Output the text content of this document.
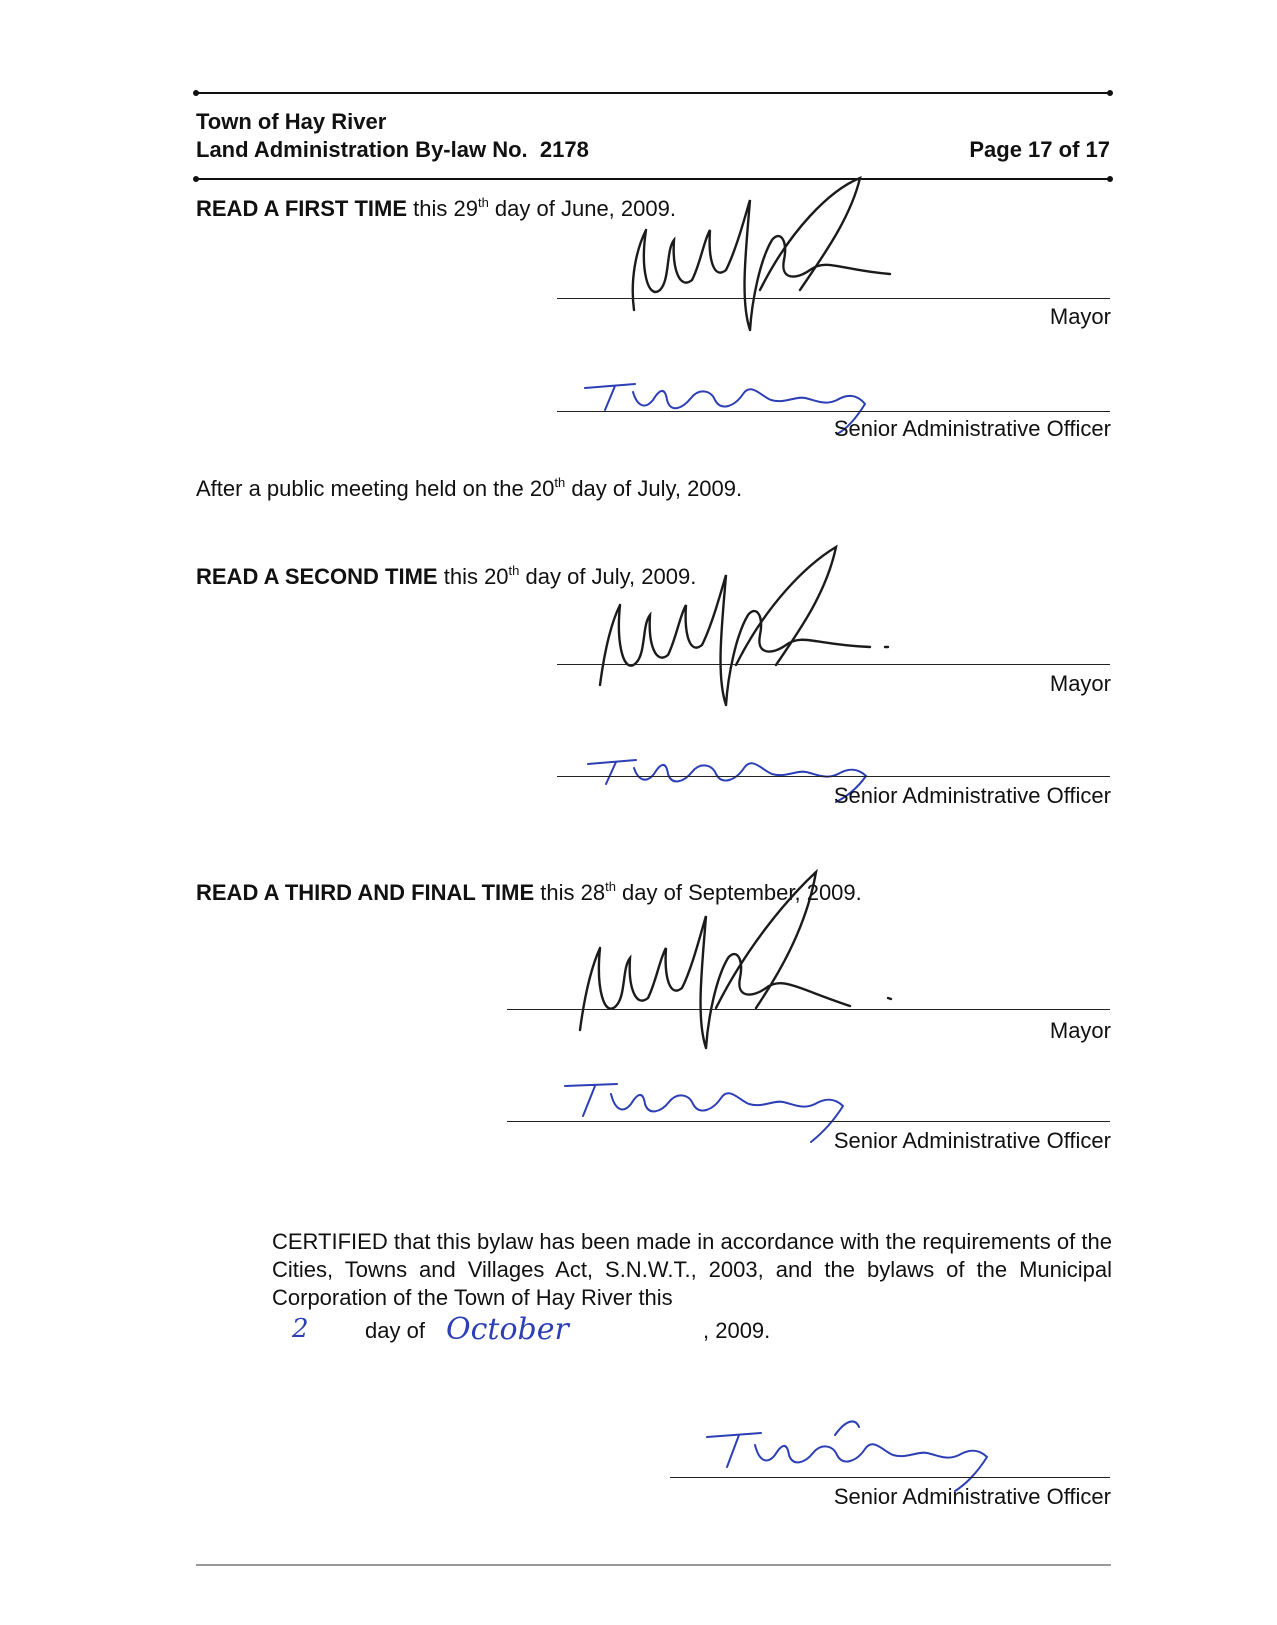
Town of Hay River
Land Administration By-law No.  2178	Page 17 of 17
READ A FIRST TIME this 29th day of June, 2009.
Mayor
Senior Administrative Officer
After a public meeting held on the 20th day of July, 2009.
READ A SECOND TIME this 20th day of July, 2009.
Mayor
Senior Administrative Officer
READ A THIRD AND FINAL TIME this 28th day of September, 2009.
Mayor
Senior Administrative Officer
CERTIFIED that this bylaw has been made in accordance with the requirements of the Cities, Towns and Villages Act, S.N.W.T., 2003, and the bylaws of the Municipal Corporation of the Town of Hay River this
2	day of October	, 2009.
Senior Administrative Officer
